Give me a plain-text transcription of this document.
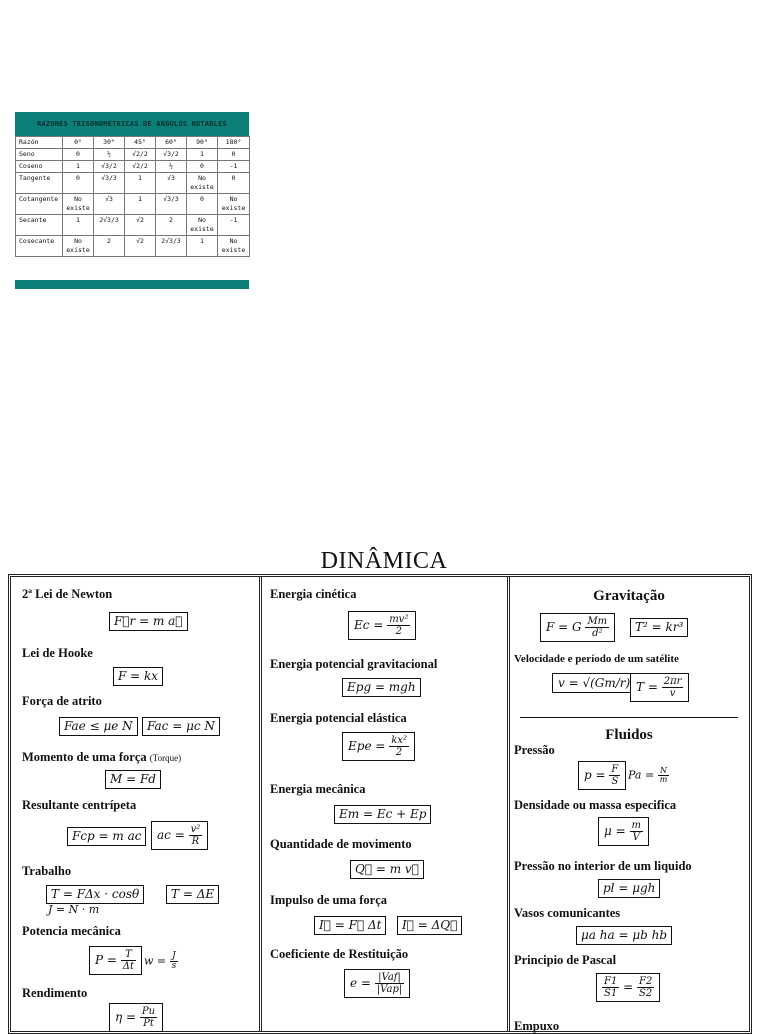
RAZONES TRIGONOMÉTRICAS DE ÁNGULOS NOTABLES
Razón	0°	30°	45°	60°	90°	180°
Seno	0	½	√2/2	√3/2	1	0
Coseno	1	√3/2	√2/2	½	0	-1
Tangente	0	√3/3	1	√3	No existe	0
Cotangente	No existe	√3	1	√3/3	0	No existe
Secante	1	2√3/3	√2	2	No existe	-1
Cosecante	No existe	2	√2	2√3/3	1	No existe
DINÂMICA
2ª Lei de Newton
F⃗r = m a⃗
Lei de Hooke
F = kx
Força de atrito
Fae ≤ μe N	Fac = μc N
Momento de uma força (Torque)
M = Fd
Resultante centrípeta
Fcp = m ac	ac = $\frac{\text{v²}}{R}$
Trabalho
T = FΔx · cosθ	T = ΔE
J = N · m
Potencia mecânica
$P = \frac{T}{\Delta t}$ $w = \frac{J}{s}$
Rendimento
$\eta = \frac{Pu}{Pt}$
Energia cinética
$Ec = \frac{\text{mv²}}{2}$
Energia potencial gravitacional
Epg = mgh
Energia potencial elástica
Epe = $\frac{\text{kx²}}{2}$
Energia mecânica
Em = Ec + Ep
Quantidade de movimento
Q⃗ = m v⃗
Impulso de uma força
I⃗ = F⃗ Δt	I⃗ = ΔQ⃗
Coeficiente de Restituição
$e = \frac{\text{|Vaf|}}{\text{|Vap|}}$
Gravitação
F = G $\frac{Mm}{\text{d²}}$	T² = kr³
Velocidade e período de um satélite
v = √(Gm/r) $T = \frac{2\pi r}{v}$
Fluidos
Pressão
$p = \frac{F}{S}$ $Pa = \frac{N}{m}$
Densidade ou massa especifica
$\mu = \frac{m}{V}$
Pressão no interior de um liquido
pl = μgh
Vasos comunicantes
μa ha = μb hb
Principio de Pascal
$\frac{F1}{S1} = \frac{F2}{S2}$
Empuxo
